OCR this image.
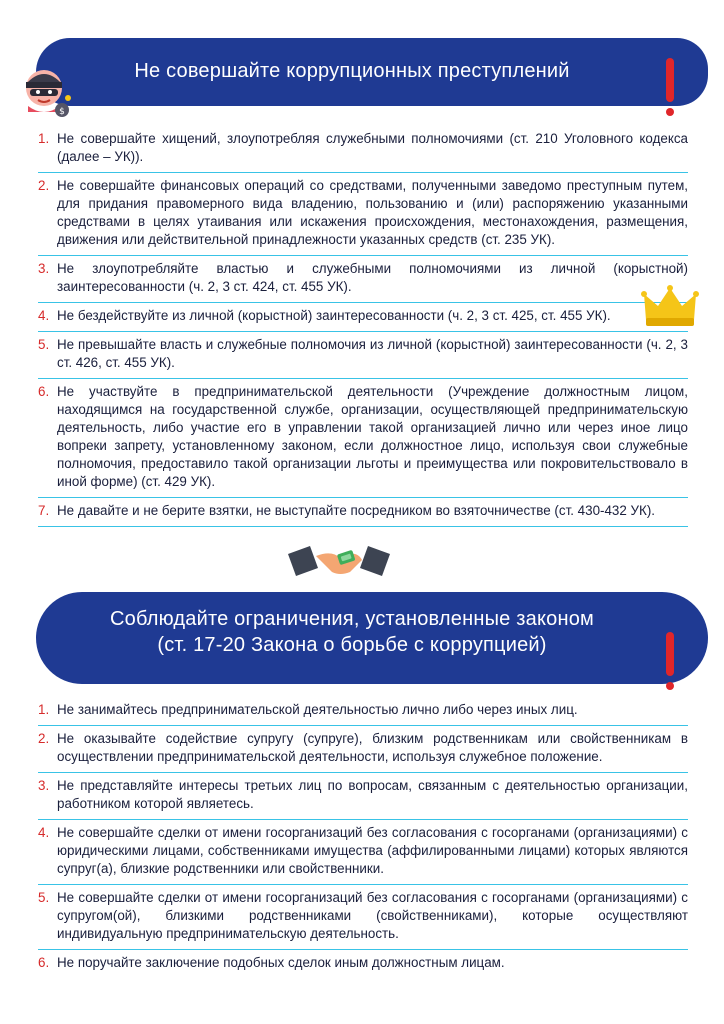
Не совершайте коррупционных преступлений
$
1. Не совершайте хищений, злоупотребляя служебными полномочиями (ст. 210 Уголовного кодекса (далее – УК)).
2. Не совершайте финансовых операций со средствами, полученными заведомо преступным путем, для придания правомерного вида владению, пользованию и (или) распоряжению указанными средствами в целях утаивания или искажения происхождения, местонахождения, размещения, движения или действительной принадлежности указанных средств (ст. 235 УК).
3. Не злоупотребляйте властью и служебными полномочиями из личной (корыстной) заинтересованности (ч. 2, 3 ст. 424, ст. 455 УК).
4. Не бездействуйте из личной (корыстной) заинтересованности (ч. 2, 3 ст. 425, ст. 455 УК).
5. Не превышайте власть и служебные полномочия из личной (корыстной) заинтересованности (ч. 2, 3 ст. 426, ст. 455 УК).
6. Не участвуйте в предпринимательской деятельности (Учреждение должностным лицом, находящимся на государственной службе, организации, осуществляющей предпринимательскую деятельность, либо участие его в управлении такой организацией лично или через иное лицо вопреки запрету, установленному законом, если должностное лицо, используя свои служебные полномочия, предоставило такой организации льготы и преимущества или покровительствовало в иной форме) (ст. 429 УК).
7. Не давайте и не берите взятки, не выступайте посредником во взяточничестве (ст. 430-432 УК).
Соблюдайте ограничения, установленные законом
(ст. 17-20 Закона о борьбе с коррупцией)
1. Не занимайтесь предпринимательской деятельностью лично либо через иных лиц.
2. Не оказывайте содействие супругу (супруге), близким родственникам или свойственникам в осуществлении предпринимательской деятельности, используя служебное положение.
3. Не представляйте интересы третьих лиц по вопросам, связанным с деятельностью организации, работником которой являетесь.
4. Не совершайте сделки от имени госорганизаций без согласования с госорганами (организациями) с юридическими лицами, собственниками имущества (аффилированными лицами) которых являются супруг(а), близкие родственники или свойственники.
5. Не совершайте сделки от имени госорганизаций без согласования с госорганами (организациями) с супругом(ой), близкими родственниками (свойственниками), которые осуществляют индивидуальную предпринимательскую деятельность.
6. Не поручайте заключение подобных сделок иным должностным лицам.
